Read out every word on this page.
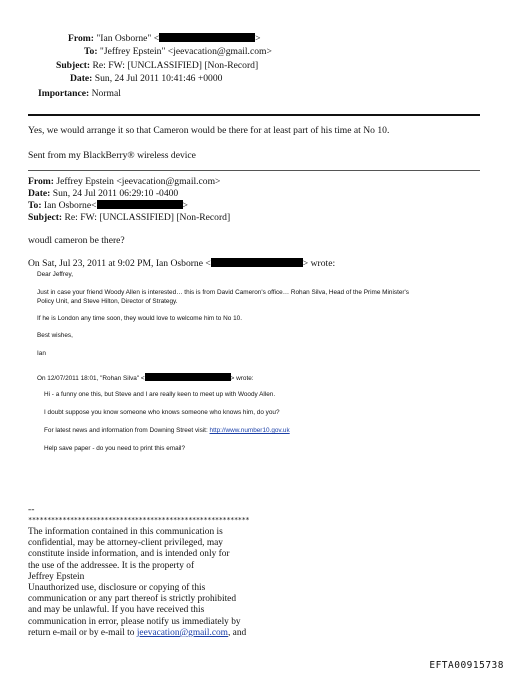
From: "Ian Osborne" <	>
To: "Jeffrey Epstein" <jeevacation@gmail.com>
Subject: Re: FW: [UNCLASSIFIED] [Non-Record]
Date: Sun, 24 Jul 2011 10:41:46 +0000
Importance: Normal
Yes, we would arrange it so that Cameron would be there for at least part of his time at No 10.
Sent from my BlackBerry® wireless device
From: Jeffrey Epstein <jeevacation@gmail.com>
Date: Sun, 24 Jul 2011 06:29:10 -0400
To: Ian Osborne<	>
Subject: Re: FW: [UNCLASSIFIED] [Non-Record]
woudl cameron be there?
On Sat, Jul 23, 2011 at 9:02 PM, Ian Osborne <	> wrote:
Dear Jeffrey,
Just in case your friend Woody Allen is interested… this is from David Cameron's office… Rohan Silva, Head of the Prime Minister's
Policy Unit, and Steve Hilton, Director of Strategy.
If he is London any time soon, they would love to welcome him to No 10.
Best wishes,
Ian
On 12/07/2011 18:01, "Rohan Silva" <	> wrote:
Hi - a funny one this, but Steve and I are really keen to meet up with Woody Allen.
I doubt suppose you know someone who knows someone who knows him, do you?
For latest news and information from Downing Street visit: http://www.number10.gov.uk
Help save paper - do you need to print this email?
--
**********************************************************
The information contained in this communication is
confidential, may be attorney-client privileged, may
constitute inside information, and is intended only for
the use of the addressee. It is the property of
Jeffrey Epstein
Unauthorized use, disclosure or copying of this
communication or any part thereof is strictly prohibited
and may be unlawful. If you have received this
communication in error, please notify us immediately by
return e-mail or by e-mail to jeevacation@gmail.com, and
EFTA00915738
